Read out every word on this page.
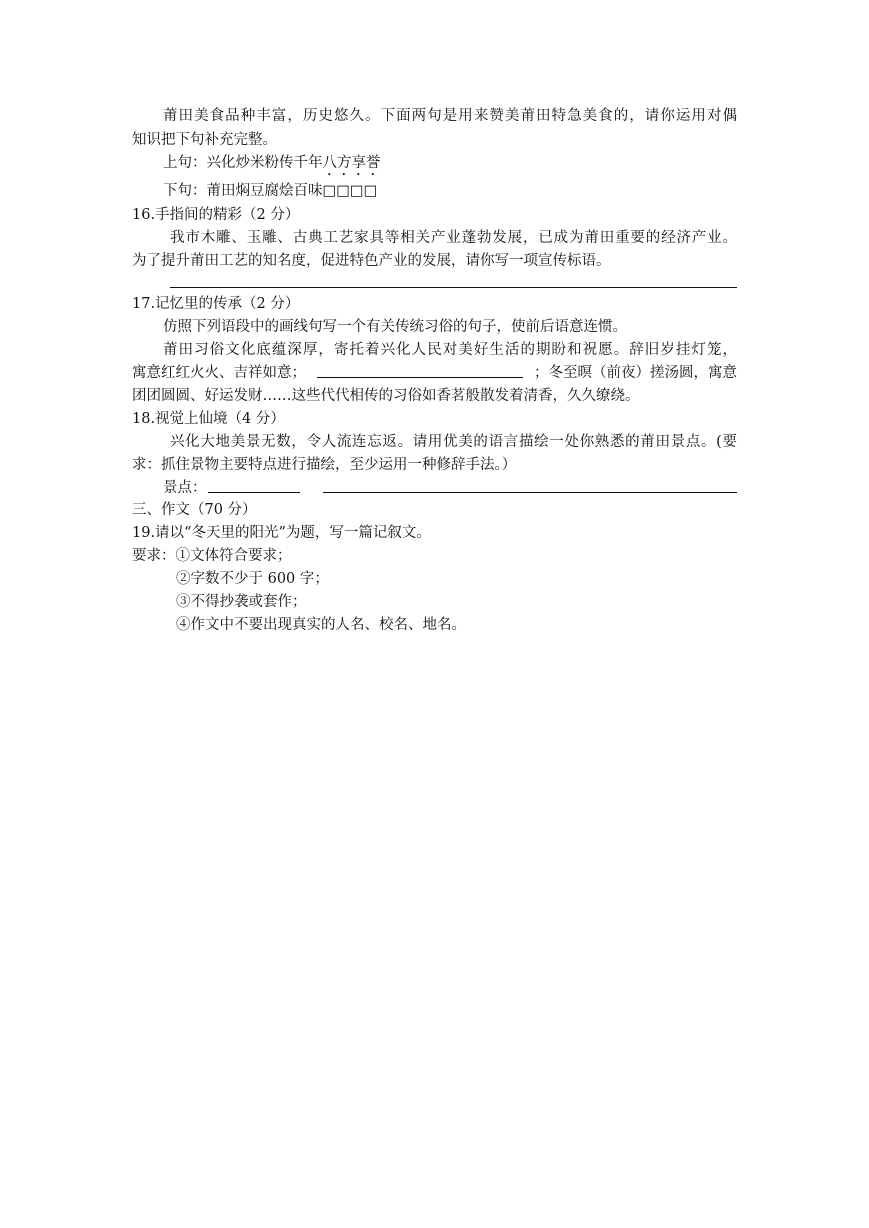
莆田美食品种丰富，历史悠久。下面两句是用来赞美莆田特急美食的，请你运用对偶
知识把下句补充完整。
上句：兴化炒米粉传千年八方享誉
下句：莆田焖豆腐烩百味□□□□
16.手指间的精彩（2 分）
我市木雕、玉雕、古典工艺家具等相关产业蓬勃发展，已成为莆田重要的经济产业。
为了提升莆田工艺的知名度，促进特色产业的发展，请你写一项宣传标语。
17.记忆里的传承（2 分）
仿照下列语段中的画线句写一个有关传统习俗的句子，使前后语意连惯。
莆田习俗文化底蕴深厚，寄托着兴化人民对美好生活的期盼和祝愿。辞旧岁挂灯笼，
寓意红红火火、吉祥如意；	；冬至暝（前夜）搓汤圆，寓意
团团圆圆、好运发财……这些代代相传的习俗如香茗般散发着清香，久久缭绕。
18.视觉上仙境（4 分）
兴化大地美景无数，令人流连忘返。请用优美的语言描绘一处你熟悉的莆田景点。(要
求：抓住景物主要特点进行描绘，至少运用一种修辞手法。）
景点：
三、作文（70 分）
19.请以“冬天里的阳光”为题，写一篇记叙文。
要求：①文体符合要求；
②字数不少于 600 字；
③不得抄袭或套作；
④作文中不要出现真实的人名、校名、地名。
